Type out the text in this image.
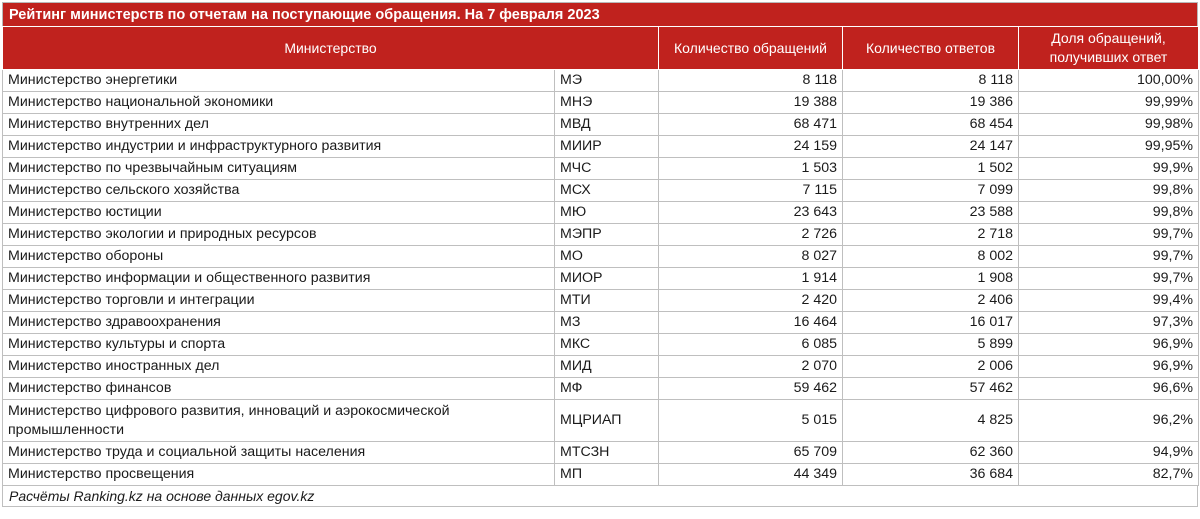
Рейтинг министерств по отчетам на поступающие обращения. На 7 февраля 2023
Министерство		Количество обращений	Количество ответов	Доля обращений,
получивших ответ
Министерство энергетики	МЭ	8 118	8 118	100,00%
Министерство национальной экономики	МНЭ	19 388	19 386	99,99%
Министерство внутренних дел	МВД	68 471	68 454	99,98%
Министерство индустрии и инфраструктурного развития	МИИР	24 159	24 147	99,95%
Министерство по чрезвычайным ситуациям	МЧС	1 503	1 502	99,9%
Министерство сельского хозяйства	МСХ	7 115	7 099	99,8%
Министерство юстиции	МЮ	23 643	23 588	99,8%
Министерство экологии и природных ресурсов	МЭПР	2 726	2 718	99,7%
Министерство обороны	МО	8 027	8 002	99,7%
Министерство информации и общественного развития	МИОР	1 914	1 908	99,7%
Министерство торговли и интеграции	МТИ	2 420	2 406	99,4%
Министерство здравоохранения	МЗ	16 464	16 017	97,3%
Министерство культуры и спорта	МКС	6 085	5 899	96,9%
Министерство иностранных дел	МИД	2 070	2 006	96,9%
Министерство финансов	МФ	59 462	57 462	96,6%
Министерство цифрового развития, инноваций и аэрокосмической промышленности	МЦРИАП	5 015	4 825	96,2%
Министерство труда и социальной защиты населения	МТСЗН	65 709	62 360	94,9%
Министерство просвещения	МП	44 349	36 684	82,7%
Расчёты Ranking.kz на основе данных egov.kz
